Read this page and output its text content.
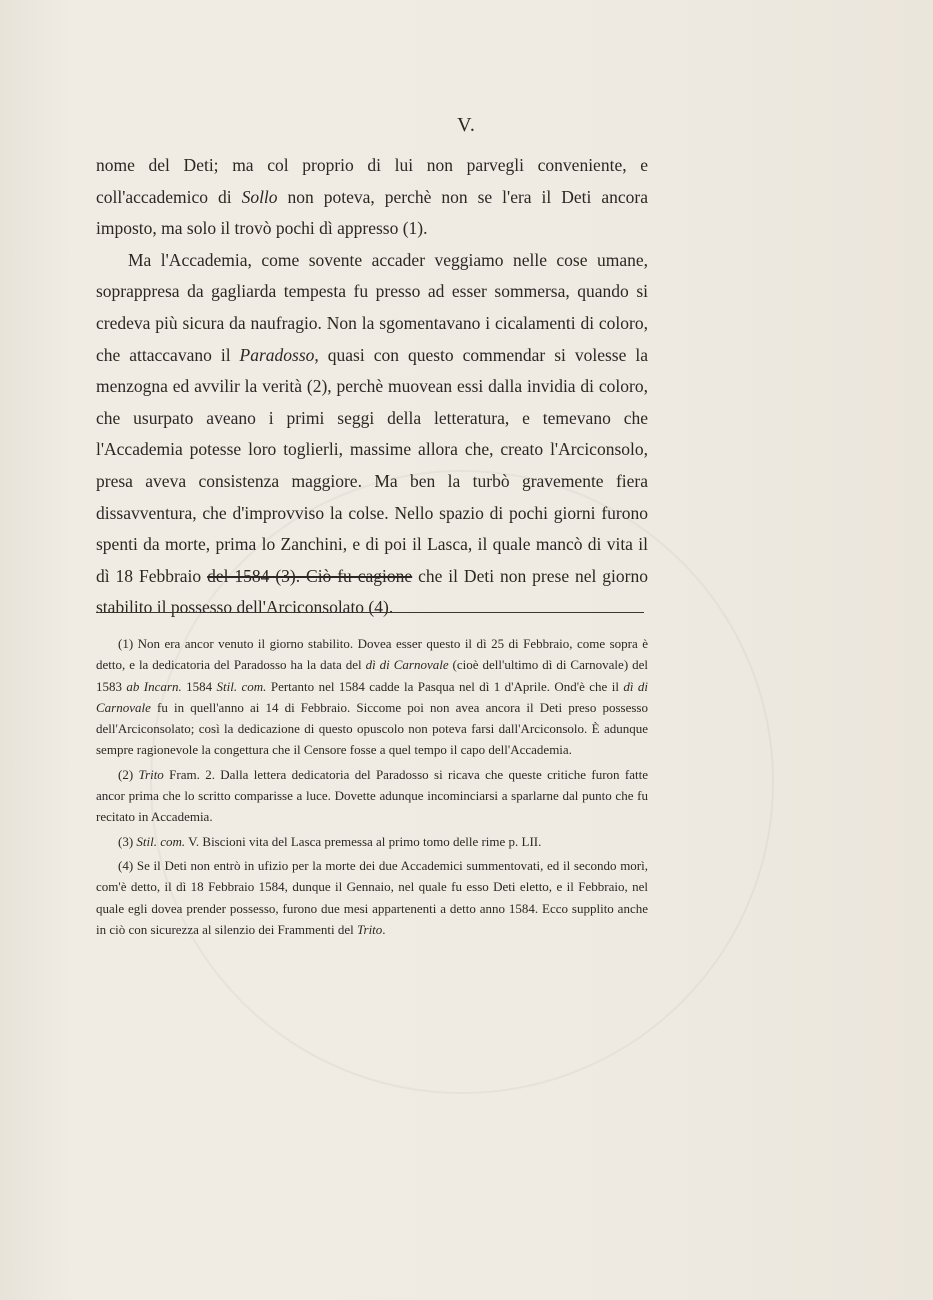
V.

nome del Deti; ma col proprio di lui non parvegli conveniente, e coll'accademico di Sollo non poteva, perchè non se l'era il Deti ancora imposto, ma solo il trovò pochi dì appresso (1).

Ma l'Accademia, come sovente accader veggiamo nelle cose umane, soprappresa da gagliarda tempesta fu presso ad esser sommersa, quando si credeva più sicura da naufragio. Non la sgomentavano i cicalamenti di coloro, che attaccavano il Paradosso, quasi con questo commendar si volesse la menzogna ed avvilir la verità (2), perchè muovean essi dalla invidia di coloro, che usurpato aveano i primi seggi della letteratura, e temevano che l'Accademia potesse loro toglierli, massime allora che, creato l'Arciconsolo, presa aveva consistenza maggiore. Ma ben la turbò gravemente fiera dissavventura, che d'improvviso la colse. Nello spazio di pochi giorni furono spenti da morte, prima lo Zanchini, e di poi il Lasca, il quale mancò di vita il dì 18 Febbraio del 1584 (3). Ciò fu cagione che il Deti non prese nel giorno stabilito il possesso dell'Arciconsolato (4).

(1) Non era ancor venuto il giorno stabilito. Dovea esser questo il dì 25 di Febbraio, come sopra è detto, e la dedicatoria del Paradosso ha la data del dì di Carnovale (cioè dell'ultimo dì di Carnovale) del 1583 ab Incarn. 1584 Stil. com. Pertanto nel 1584 cadde la Pasqua nel dì 1 d'Aprile. Ond'è che il dì di Carnovale fu in quell'anno ai 14 di Febbraio. Siccome poi non avea ancora il Deti preso possesso dell'Arciconsolato; così la dedicazione di questo opuscolo non poteva farsi dall'Arciconsolo. È adunque sempre ragionevole la congettura che il Censore fosse a quel tempo il capo dell'Accademia.

(2) Trito Fram. 2. Dalla lettera dedicatoria del Paradosso si ricava che queste critiche furon fatte ancor prima che lo scritto comparisse a luce. Dovette adunque incominciarsi a sparlarne dal punto che fu recitato in Accademia.

(3) Stil. com. V. Biscioni vita del Lasca premessa al primo tomo delle rime p. LII.

(4) Se il Deti non entrò in ufizio per la morte dei due Accademici summentovati, ed il secondo morì, com'è detto, il dì 18 Febbraio 1584, dunque il Gennaio, nel quale fu esso Deti eletto, e il Febbraio, nel quale egli dovea prender possesso, furono due mesi appartenenti a detto anno 1584. Ecco supplito anche in ciò con sicurezza al silenzio dei Frammenti del Trito.
